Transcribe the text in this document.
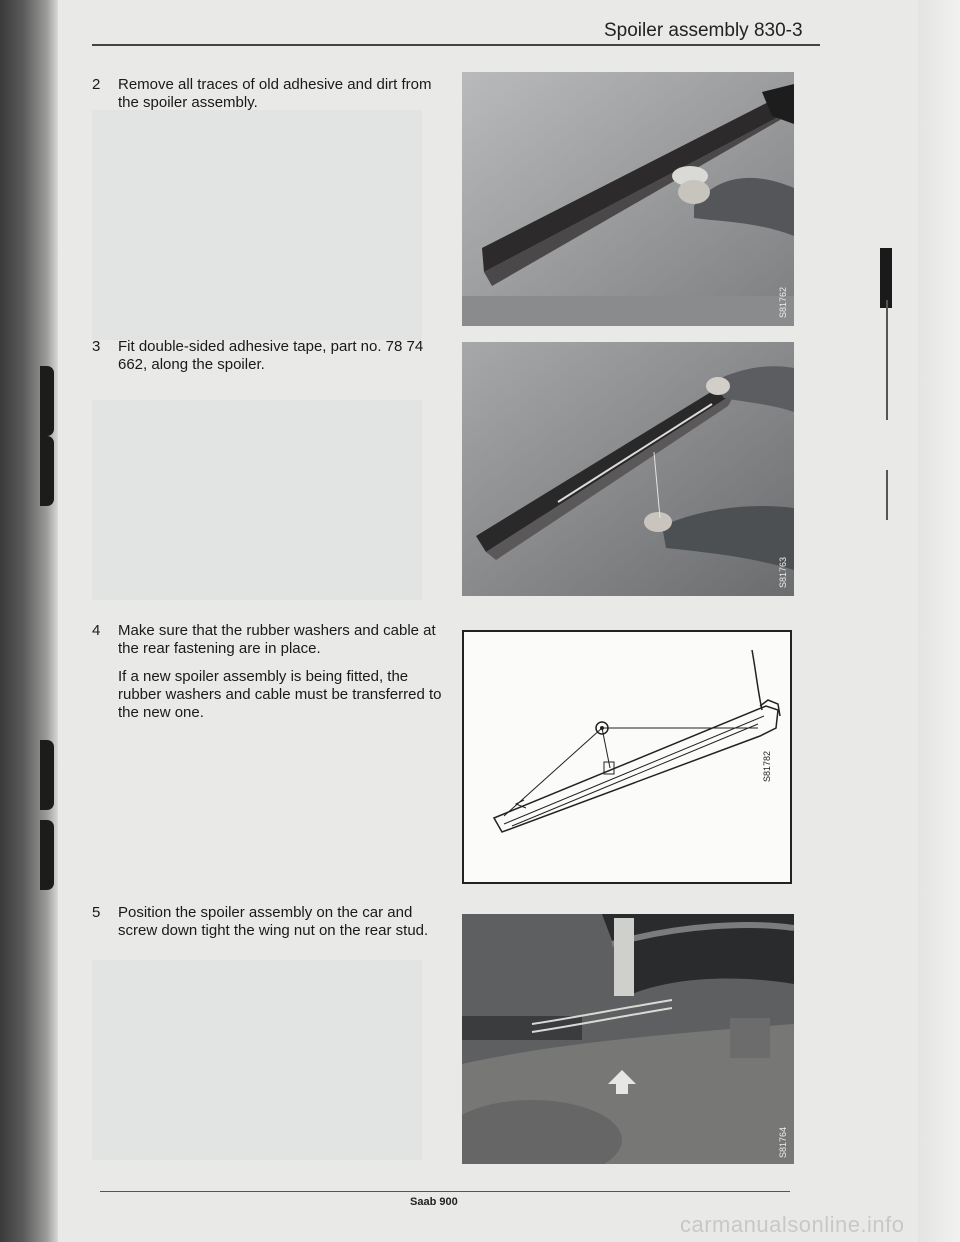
Spoiler assembly 830-3
2	Remove all traces of old adhesive and dirt from the spoiler assembly.

3	Fit double-sided adhesive tape, part no. 78 74 662, along the spoiler.

4	Make sure that the rubber washers and cable at the rear fastening are in place.

If a new spoiler assembly is being fitted, the rubber washers and cable must be transferred to the new one.

5	Position the spoiler assembly on the car and screw down tight the wing nut on the rear stud.

S81762
S81763
S81782
S81764
Saab 900
carmanualsonline.info
